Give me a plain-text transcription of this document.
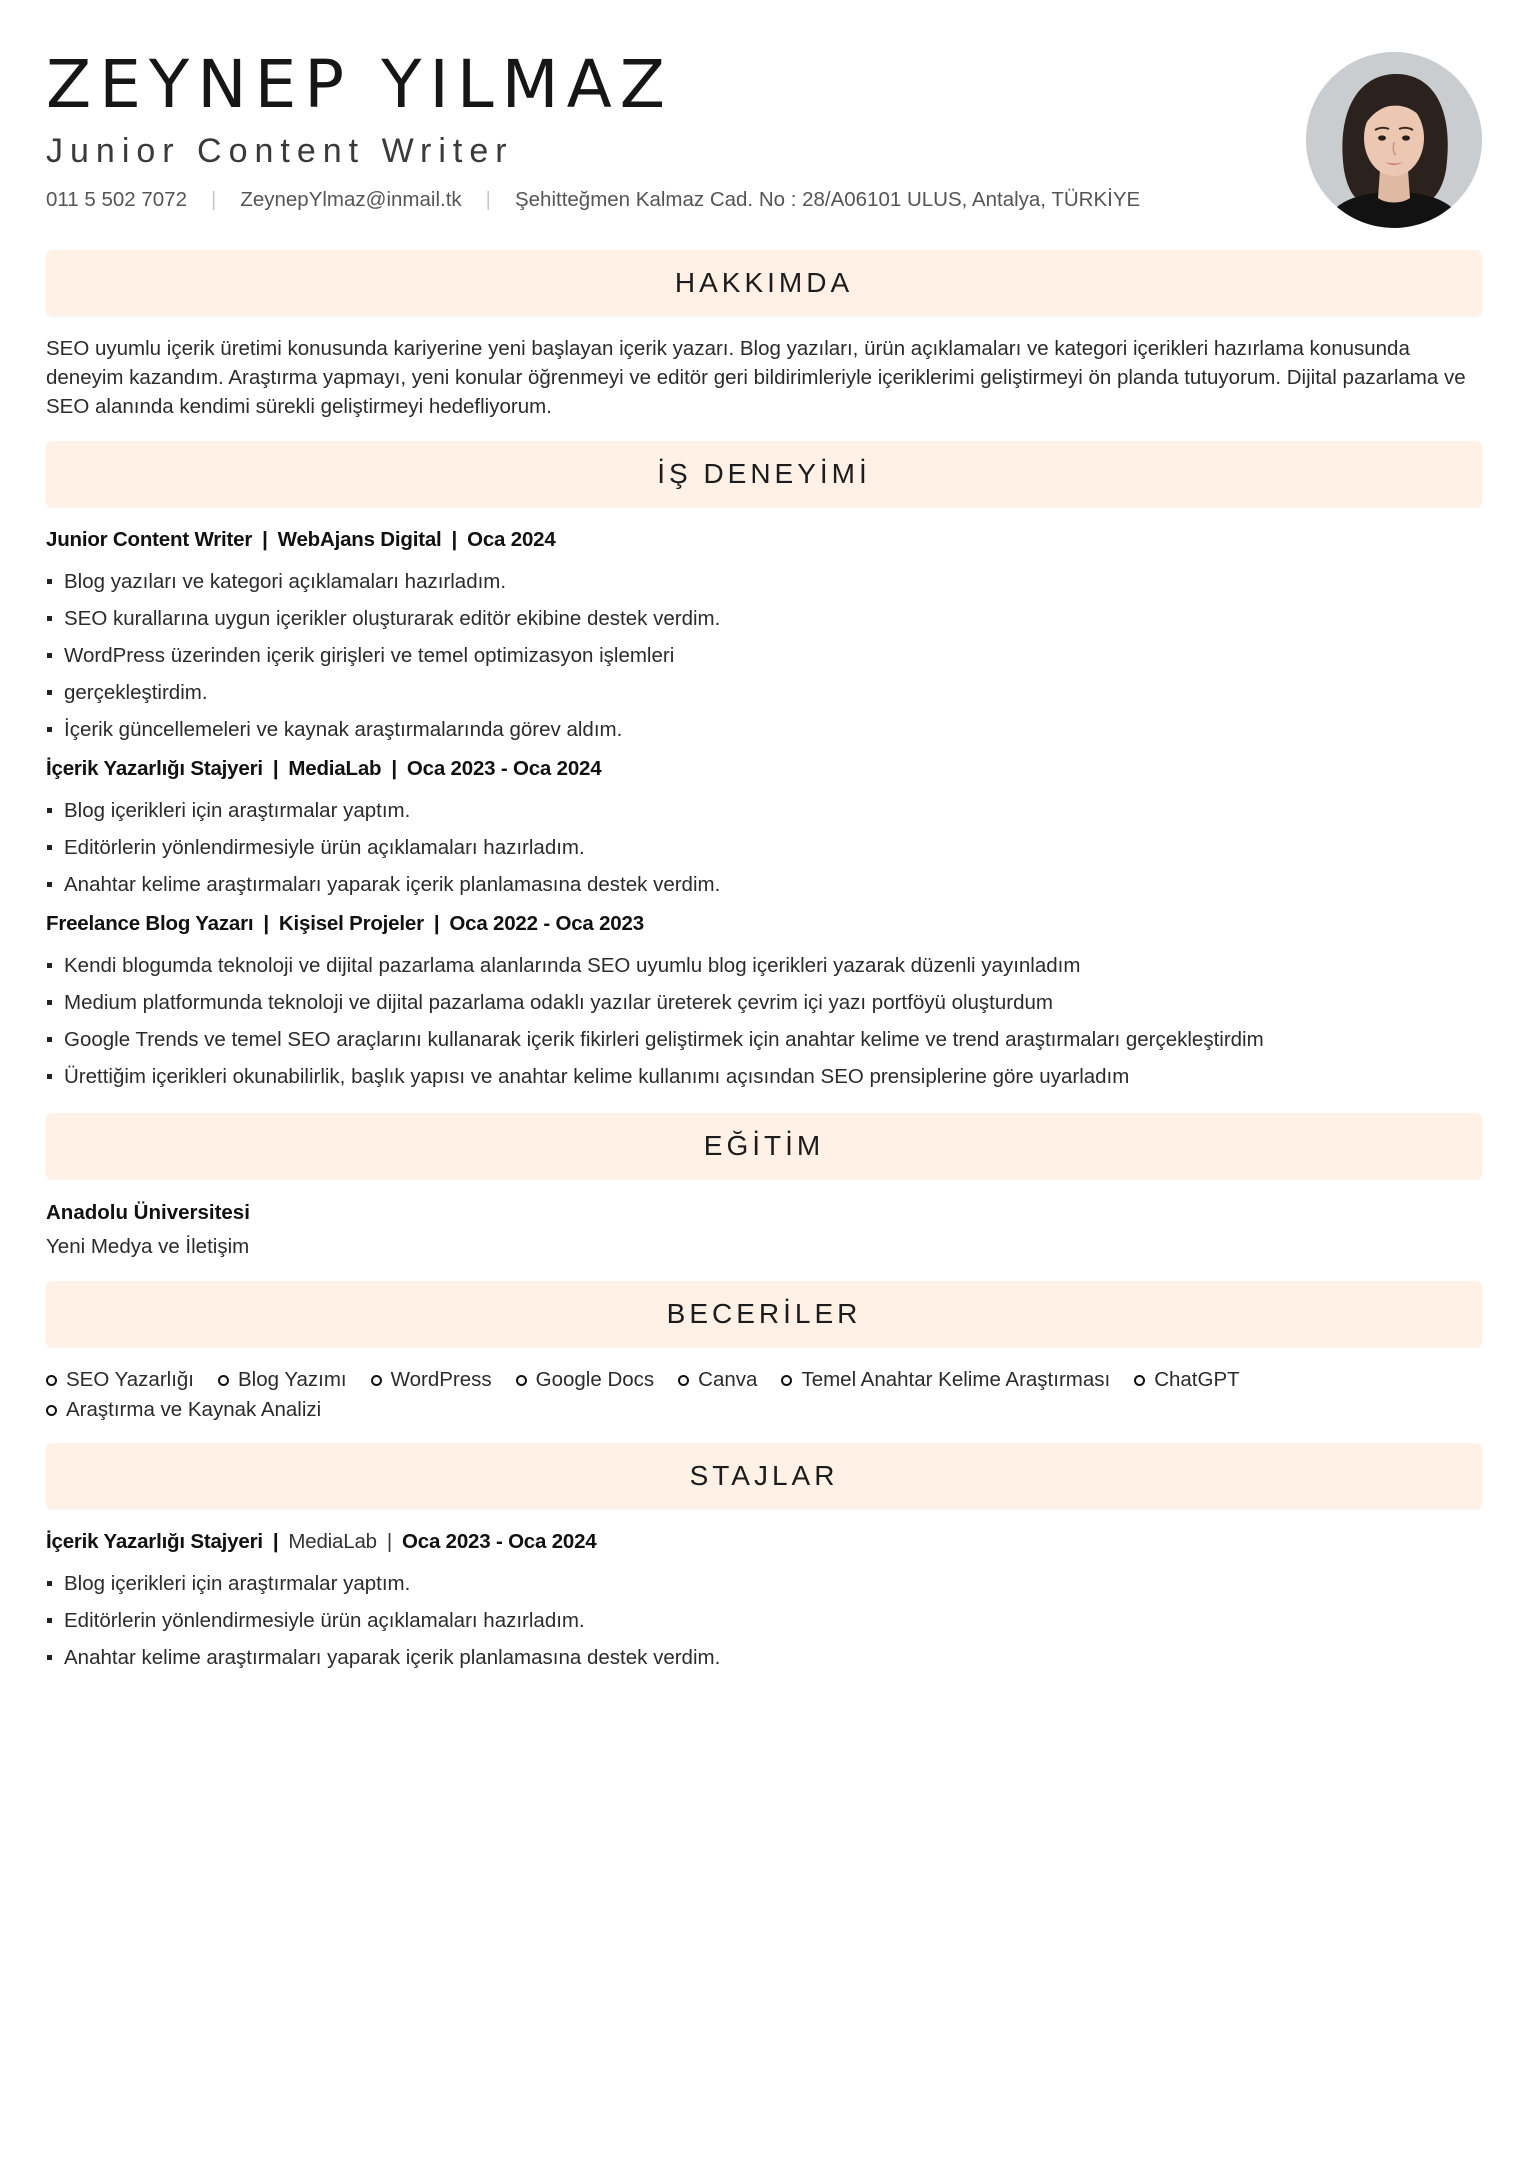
ZEYNEP YILMAZ
Junior Content Writer
011 5 502 7072 | ZeynepYlmaz@inmail.tk | Şehitteğmen Kalmaz Cad. No : 28/A06101 ULUS, Antalya, TÜRKİYE
HAKKIMDA

SEO uyumlu içerik üretimi konusunda kariyerine yeni başlayan içerik yazarı. Blog yazıları, ürün açıklamaları ve kategori içerikleri hazırlama konusunda deneyim kazandım. Araştırma yapmayı, yeni konular öğrenmeyi ve editör geri bildirimleriyle içeriklerimi geliştirmeyi ön planda tutuyorum. Dijital pazarlama ve SEO alanında kendimi sürekli geliştirmeyi hedefliyorum.

İŞ DENEYİMİ

Junior Content Writer | WebAjans Digital | Oca 2024

Blog yazıları ve kategori açıklamaları hazırladım.
SEO kurallarına uygun içerikler oluşturarak editör ekibine destek verdim.
WordPress üzerinden içerik girişleri ve temel optimizasyon işlemleri
gerçekleştirdim.
İçerik güncellemeleri ve kaynak araştırmalarında görev aldım.

İçerik Yazarlığı Stajyeri | MediaLab | Oca 2023 - Oca 2024

Blog içerikleri için araştırmalar yaptım.
Editörlerin yönlendirmesiyle ürün açıklamaları hazırladım.
Anahtar kelime araştırmaları yaparak içerik planlamasına destek verdim.

Freelance Blog Yazarı | Kişisel Projeler | Oca 2022 - Oca 2023

Kendi blogumda teknoloji ve dijital pazarlama alanlarında SEO uyumlu blog içerikleri yazarak düzenli yayınladım
Medium platformunda teknoloji ve dijital pazarlama odaklı yazılar üreterek çevrim içi yazı portföyü oluşturdum
Google Trends ve temel SEO araçlarını kullanarak içerik fikirleri geliştirmek için anahtar kelime ve trend araştırmaları gerçekleştirdim
Ürettiğim içerikleri okunabilirlik, başlık yapısı ve anahtar kelime kullanımı açısından SEO prensiplerine göre uyarladım
EĞİTİM

Anadolu Üniversitesi

Yeni Medya ve İletişim

BECERİLER
SEO Yazarlığı Blog Yazımı WordPress Google Docs Canva Temel Anahtar Kelime Araştırması ChatGPT
Araştırma ve Kaynak Analizi
STAJLAR

İçerik Yazarlığı Stajyeri | MediaLab | Oca 2023 - Oca 2024

Blog içerikleri için araştırmalar yaptım.
Editörlerin yönlendirmesiyle ürün açıklamaları hazırladım.
Anahtar kelime araştırmaları yaparak içerik planlamasına destek verdim.
